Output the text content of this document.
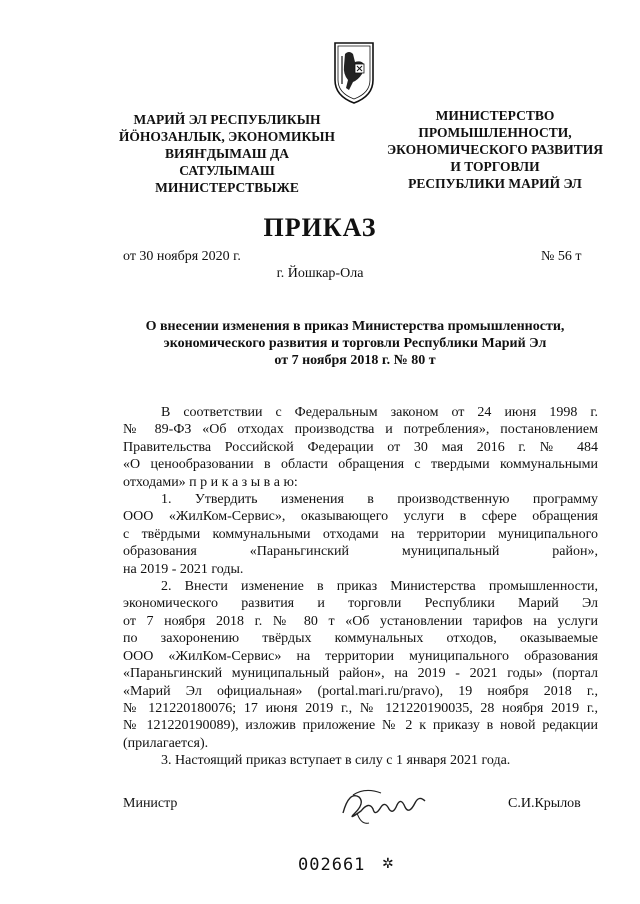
МАРИЙ ЭЛ РЕСПУБЛИКЫН
ЙӦНОЗАНЛЫК, ЭКОНОМИКЫН
ВИЯҤДЫМАШ ДА
САТУЛЫМАШ
МИНИСТЕРСТВЫЖЕ
МИНИСТЕРСТВО
ПРОМЫШЛЕННОСТИ,
ЭКОНОМИЧЕСКОГО РАЗВИТИЯ
И ТОРГОВЛИ
РЕСПУБЛИКИ МАРИЙ ЭЛ
ПРИКАЗ
от 30 ноября 2020 г.	№ 56 т
г. Йошкар-Ола
О внесении изменения в приказ Министерства промышленности,
экономического развития и торговли Республики Марий Эл
от 7 ноября 2018 г. № 80 т
В соответствии с Федеральным законом от 24 июня 1998 г.
№ 89-ФЗ «Об отходах производства и потребления», постановлением
Правительства Российской Федерации от 30 мая 2016 г. № 484
«О ценообразовании в области обращения с твердыми коммунальными
отходами» п р и к а з ы в а ю:
1. Утвердить изменения в производственную программу
ООО «ЖилКом-Сервис», оказывающего услуги в сфере обращения
с твёрдыми коммунальными отходами на территории муниципального
образования «Параньгинский муниципальный район»,
на 2019 - 2021 годы.
2. Внести изменение в приказ Министерства промышленности,
экономического развития и торговли Республики Марий Эл
от 7 ноября 2018 г. № 80 т «Об установлении тарифов на услуги
по захоронению твёрдых коммунальных отходов, оказываемые
ООО «ЖилКом-Сервис» на территории муниципального образования
«Параньгинский муниципальный район», на 2019 - 2021 годы» (портал
«Марий Эл официальная» (portal.mari.ru/pravo), 19 ноября 2018 г.,
№ 121220180076; 17 июня 2019 г., № 121220190035, 28 ноября 2019 г.,
№ 121220190089), изложив приложение № 2 к приказу в новой редакции
(прилагается).
3. Настоящий приказ вступает в силу с 1 января 2021 года.
Министр	С.И.Крылов
002661 ✲
